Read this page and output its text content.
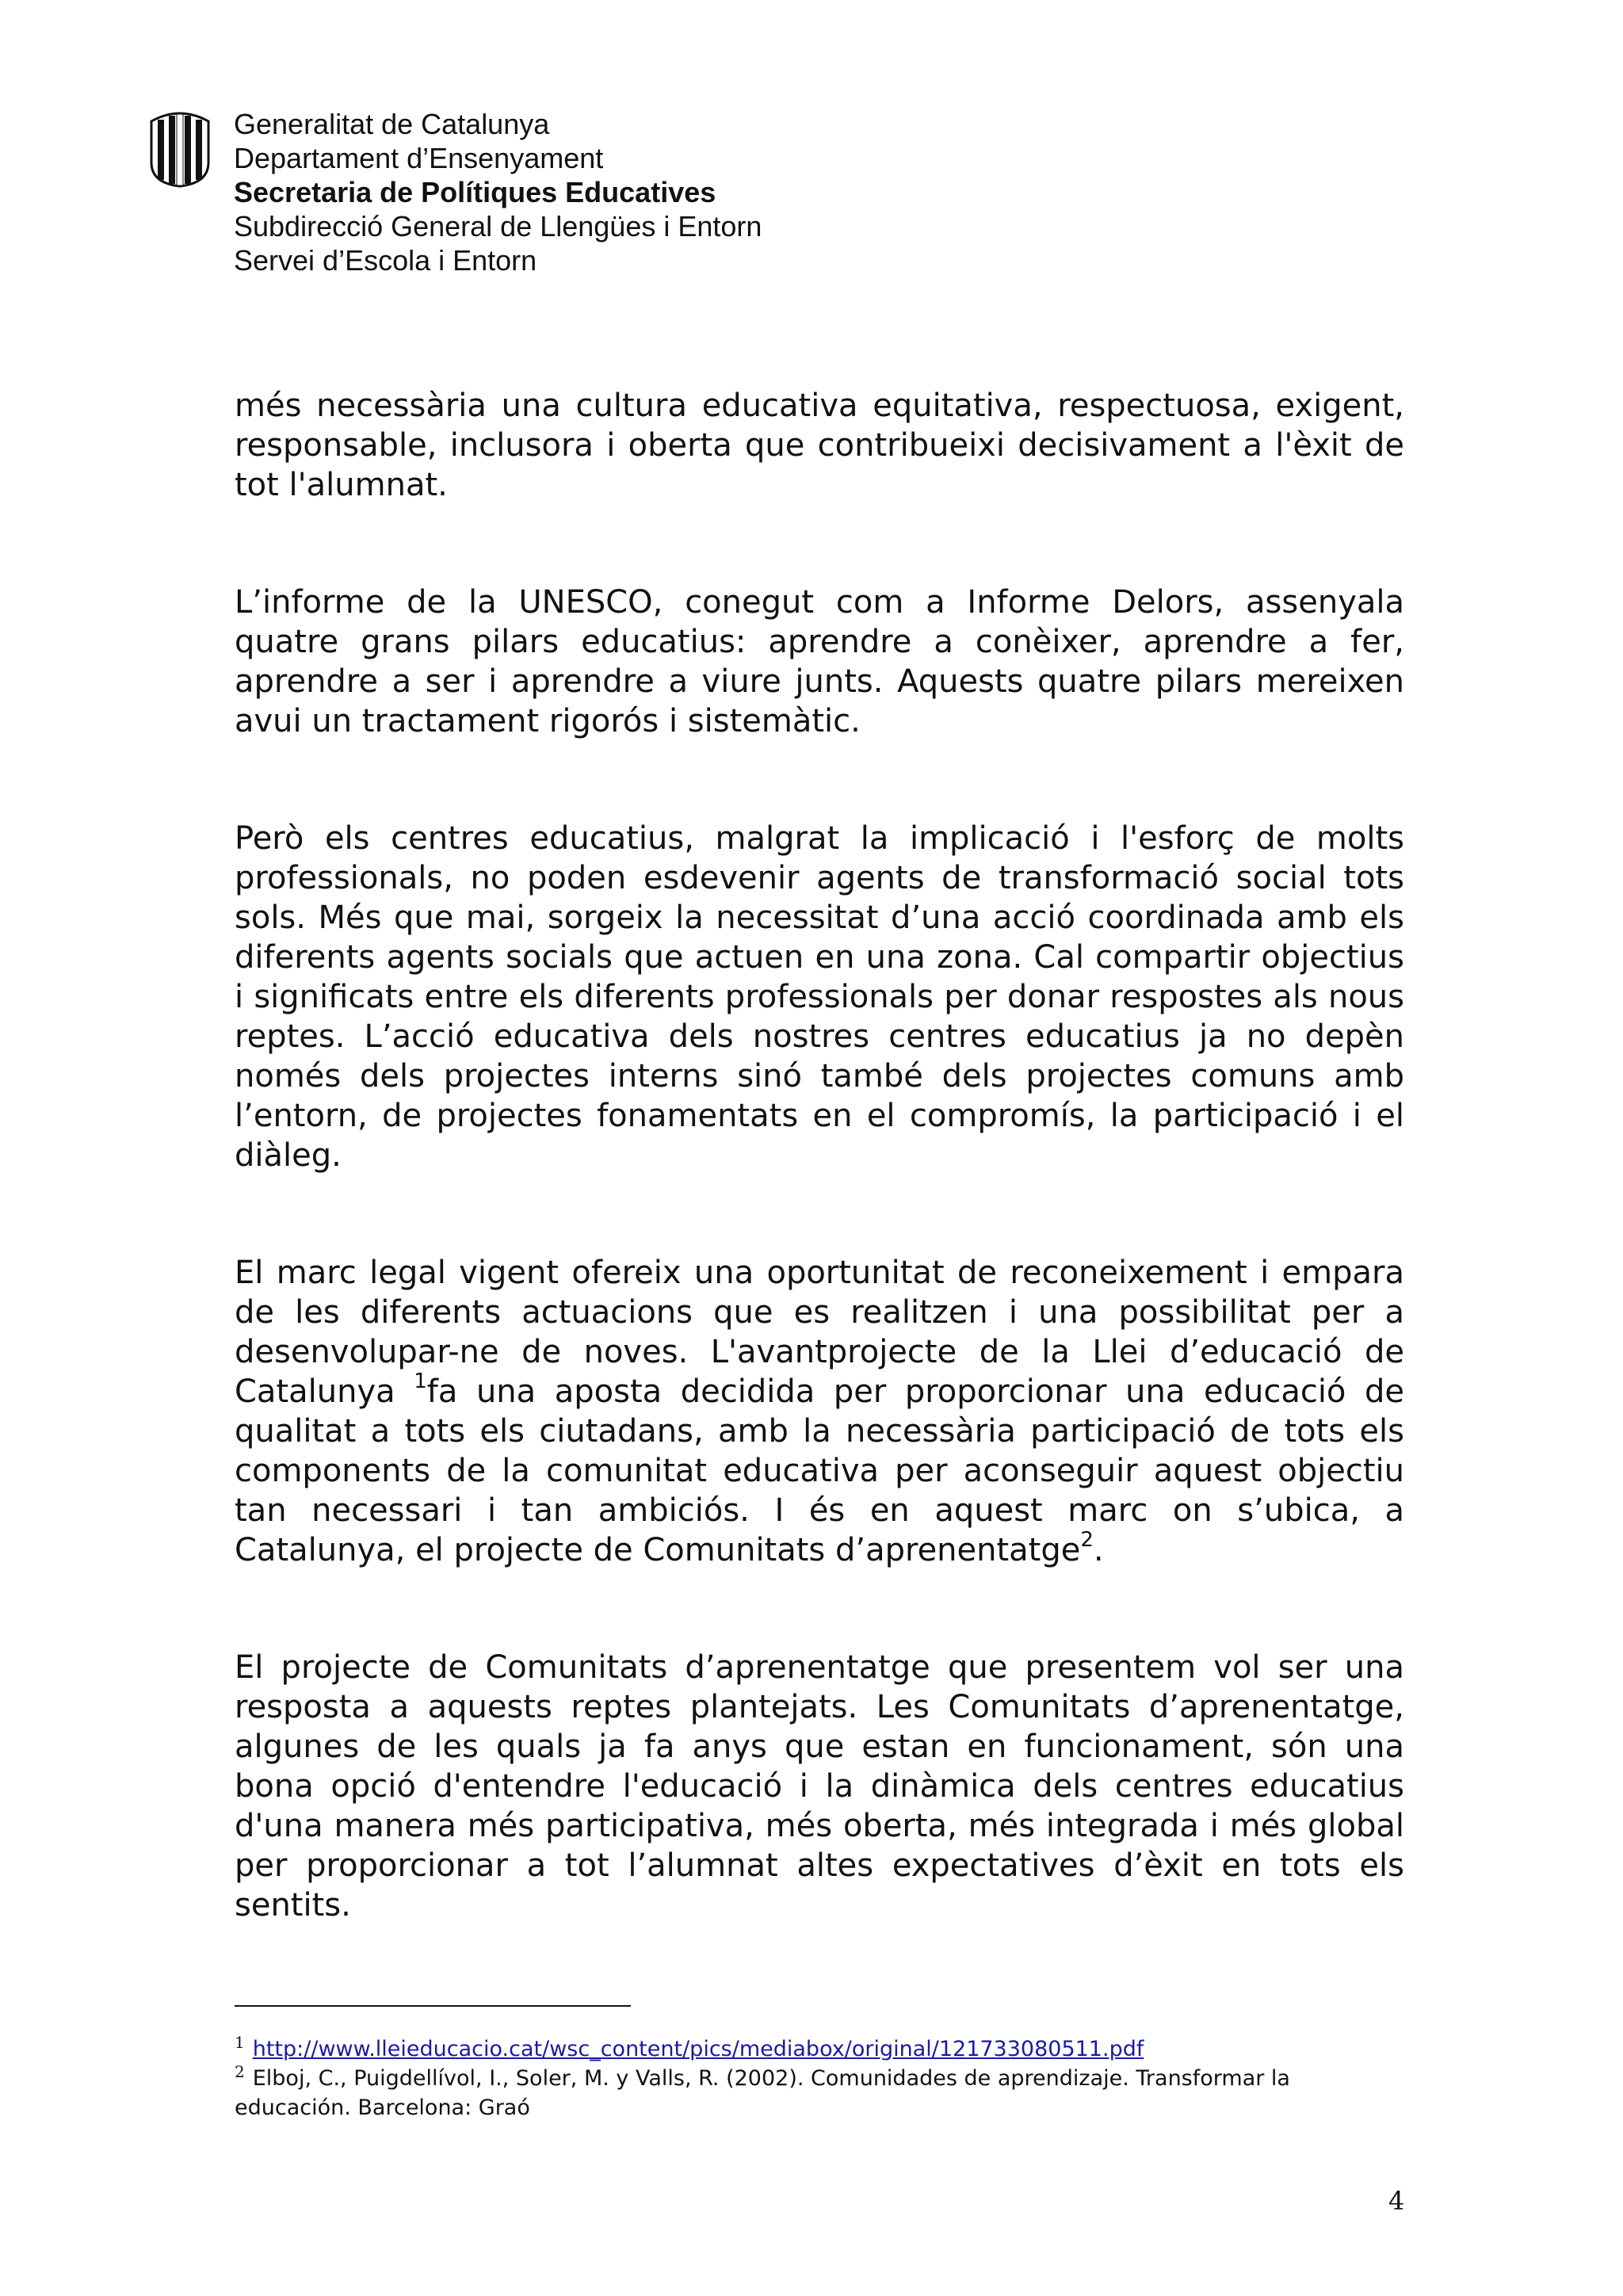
Generalitat de Catalunya
Departament d’Ensenyament
Secretaria de Polítiques Educatives
Subdirecció General de Llengües i Entorn
Servei d’Escola i Entorn

més necessària una cultura educativa equitativa, respectuosa, exigent, responsable, inclusora i oberta que contribueixi decisivament a l'èxit de tot l'alumnat.

L’informe de la UNESCO, conegut com a Informe Delors, assenyala quatre grans pilars educatius: aprendre a conèixer, aprendre a fer, aprendre a ser i aprendre a viure junts. Aquests quatre pilars mereixen avui un tractament rigorós i sistemàtic.

Però els centres educatius, malgrat la implicació i l'esforç de molts professionals, no poden esdevenir agents de transformació social tots sols. Més que mai, sorgeix la necessitat d’una acció coordinada amb els diferents agents socials que actuen en una zona. Cal compartir objectius i significats entre els diferents professionals per donar respostes als nous reptes. L’acció educativa dels nostres centres educatius ja no depèn només dels projectes interns sinó també dels projectes comuns amb l’entorn, de projectes fonamentats en el compromís, la participació i el diàleg.

El marc legal vigent ofereix una oportunitat de reconeixement i empara de les diferents actuacions que es realitzen i una possibilitat per a desenvolupar-ne de noves. L'avantprojecte de la Llei d’educació de Catalunya $^1$fa una aposta decidida per proporcionar una educació de qualitat a tots els ciutadans, amb la necessària participació de tots els components de la comunitat educativa per aconseguir aquest objectiu tan necessari i tan ambiciós. I és en aquest marc on s’ubica, a Catalunya, el projecte de Comunitats d’aprenentatge$^2$.

El projecte de Comunitats d’aprenentatge que presentem vol ser una resposta a aquests reptes plantejats. Les Comunitats d’aprenentatge, algunes de les quals ja fa anys que estan en funcionament, són una bona opció d'entendre l'educació i la dinàmica dels centres educatius d'una manera més participativa, més oberta, més integrada i més global per proporcionar a tot l’alumnat altes expectatives d’èxit en tots els sentits.

$^1$ http://www.lleieducacio.cat/wsc_content/pics/mediabox/original/121733080511.pdf
$^2$ Elboj, C., Puigdellívol, I., Soler, M. y Valls, R. (2002). Comunidades de aprendizaje. Transformar la educación. Barcelona: Graó
4
